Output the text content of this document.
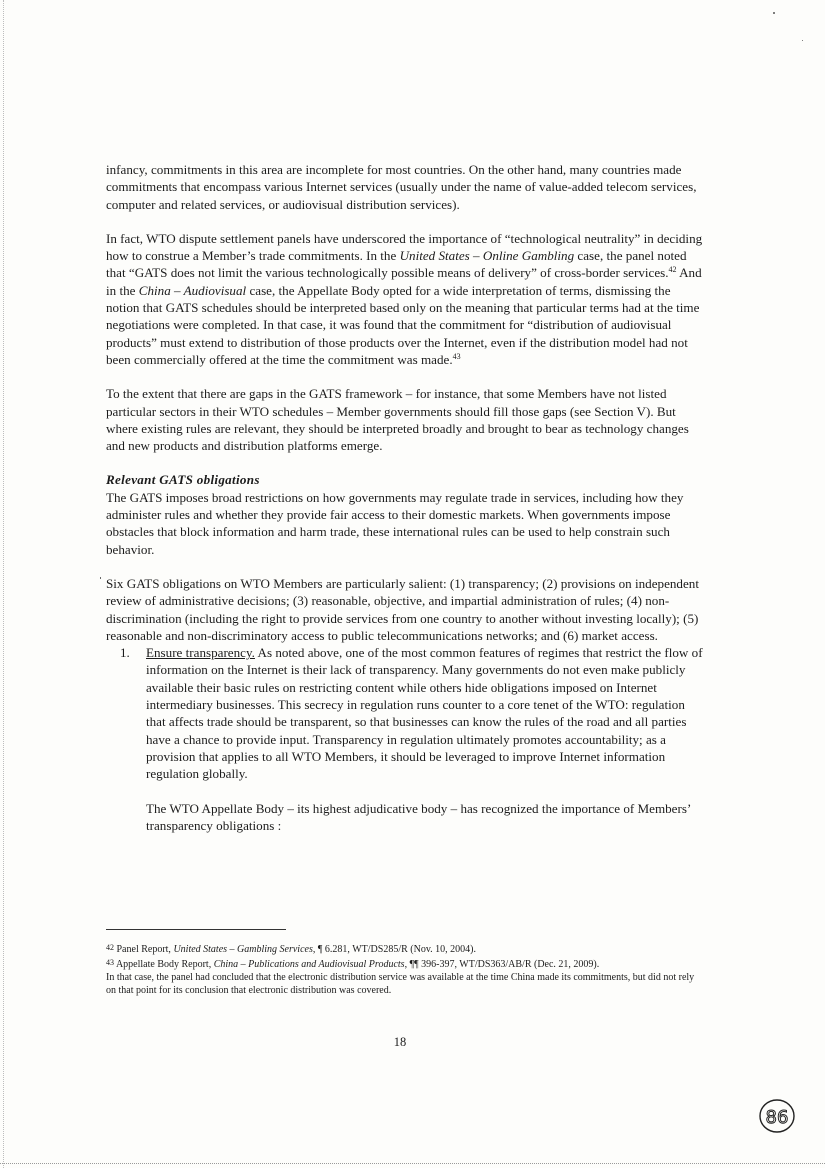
infancy, commitments in this area are incomplete for most countries. On the other hand, many countries made commitments that encompass various Internet services (usually under the name of value-added telecom services, computer and related services, or audiovisual distribution services).

In fact, WTO dispute settlement panels have underscored the importance of “technological neutrality” in deciding how to construe a Member’s trade commitments. In the United States – Online Gambling case, the panel noted that “GATS does not limit the various technologically possible means of delivery” of cross-border services.$^{42}$ And in the China – Audiovisual case, the Appellate Body opted for a wide interpretation of terms, dismissing the notion that GATS schedules should be interpreted based only on the meaning that particular terms had at the time negotiations were completed. In that case, it was found that the commitment for “distribution of audiovisual products” must extend to distribution of those products over the Internet, even if the distribution model had not been commercially offered at the time the commitment was made.$^{43}$

To the extent that there are gaps in the GATS framework – for instance, that some Members have not listed particular sectors in their WTO schedules – Member governments should fill those gaps (see Section V). But where existing rules are relevant, they should be interpreted broadly and brought to bear as technology changes and new products and distribution platforms emerge.

Relevant GATS obligations

The GATS imposes broad restrictions on how governments may regulate trade in services, including how they administer rules and whether they provide fair access to their domestic markets. When governments impose obstacles that block information and harm trade, these international rules can be used to help constrain such behavior.

Six GATS obligations on WTO Members are particularly salient: (1) transparency; (2) provisions on independent review of administrative decisions; (3) reasonable, objective, and impartial administration of rules; (4) non-discrimination (including the right to provide services from one country to another without investing locally); (5) reasonable and non-discriminatory access to public telecommunications networks; and (6) market access.

1. Ensure transparency. As noted above, one of the most common features of regimes that restrict the flow of information on the Internet is their lack of transparency. Many governments do not even make publicly available their basic rules on restricting content while others hide obligations imposed on Internet intermediary businesses. This secrecy in regulation runs counter to a core tenet of the WTO: regulation that affects trade should be transparent, so that businesses can know the rules of the road and all parties have a chance to provide input. Transparency in regulation ultimately promotes accountability; as a provision that applies to all WTO Members, it should be leveraged to improve Internet information regulation globally.

The WTO Appellate Body – its highest adjudicative body – has recognized the importance of Members’ transparency obligations :

$^{42}$ Panel Report, United States – Gambling Services, ¶ 6.281, WT/DS285/R (Nov. 10, 2004).

$^{43}$ Appellate Body Report, China – Publications and Audiovisual Products, ¶¶ 396-397, WT/DS363/AB/R (Dec. 21, 2009).
In that case, the panel had concluded that the electronic distribution service was available at the time China made its commitments, but did not rely on that point for its conclusion that electronic distribution was covered.

18
86
